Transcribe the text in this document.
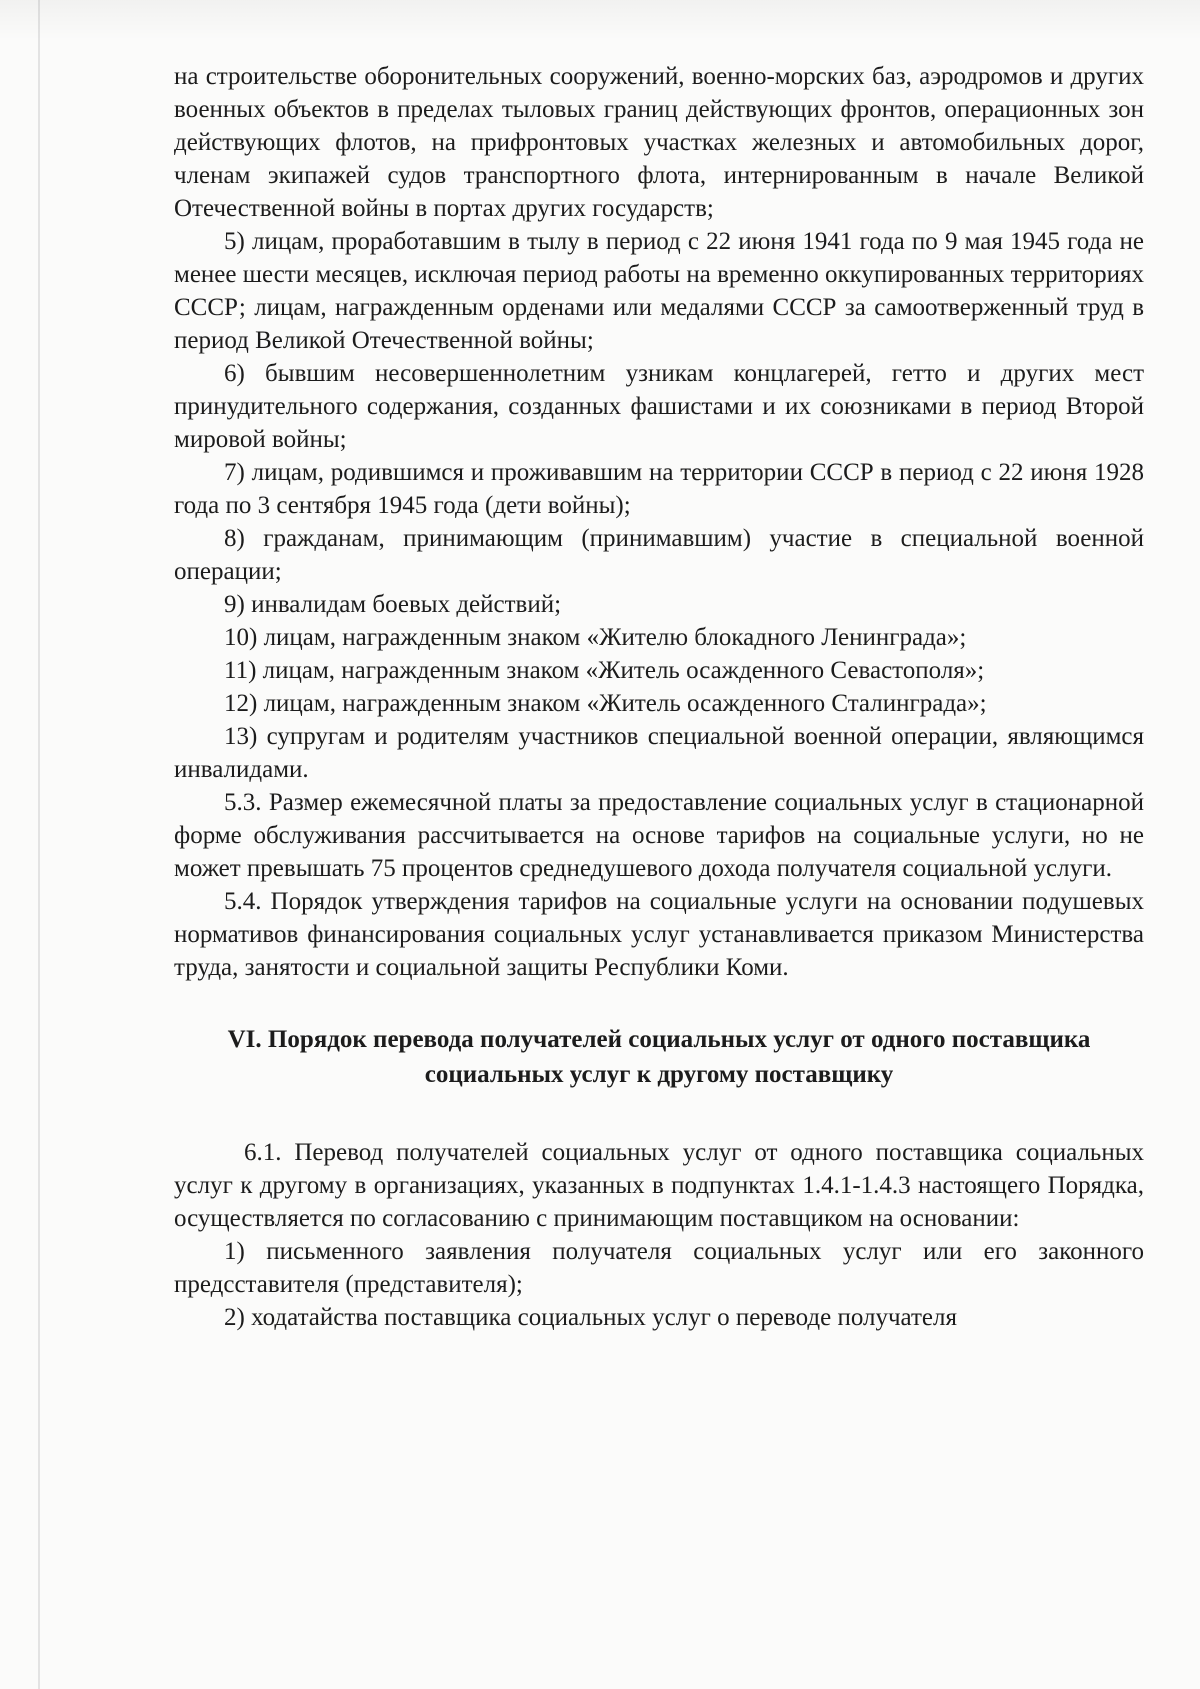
на строительстве оборонительных сооружений, военно-морских баз, аэродромов и других военных объектов в пределах тыловых границ действующих фронтов, операционных зон действующих флотов, на прифронтовых участках железных и автомобильных дорог, членам экипажей судов транспортного флота, интернированным в начале Великой Отечественной войны в портах других государств;

5) лицам, проработавшим в тылу в период с 22 июня 1941 года по 9 мая 1945 года не менее шести месяцев, исключая период работы на временно оккупированных территориях СССР; лицам, награжденным орденами или медалями СССР за самоотверженный труд в период Великой Отечественной войны;

6) бывшим несовершеннолетним узникам концлагерей, гетто и других мест принудительного содержания, созданных фашистами и их союзниками в период Второй мировой войны;

7) лицам, родившимся и проживавшим на территории СССР в период с 22 июня 1928 года по 3 сентября 1945 года (дети войны);

8) гражданам, принимающим (принимавшим) участие в специальной военной операции;

9) инвалидам боевых действий;

10) лицам, награжденным знаком «Жителю блокадного Ленинграда»;

11) лицам, награжденным знаком «Житель осажденного Севастополя»;

12) лицам, награжденным знаком «Житель осажденного Сталинграда»;

13) супругам и родителям участников специальной военной операции, являющимся инвалидами.

5.3. Размер ежемесячной платы за предоставление социальных услуг в стационарной форме обслуживания рассчитывается на основе тарифов на социальные услуги, но не может превышать 75 процентов среднедушевого дохода получателя социальной услуги.

5.4. Порядок утверждения тарифов на социальные услуги на основании подушевых нормативов финансирования социальных услуг устанавливается приказом Министерства труда, занятости и социальной защиты Республики Коми.

VI. Порядок перевода получателей социальных услуг от одного поставщика
социальных услуг к другому поставщику

6.1. Перевод получателей социальных услуг от одного поставщика социальных услуг к другому в организациях, указанных в подпунктах 1.4.1-1.4.3 настоящего Порядка, осуществляется по согласованию с принимающим поставщиком на основании:

1) письменного заявления получателя социальных услуг или его законного предсставителя (представителя);

2) ходатайства поставщика социальных услуг о переводе получателя
